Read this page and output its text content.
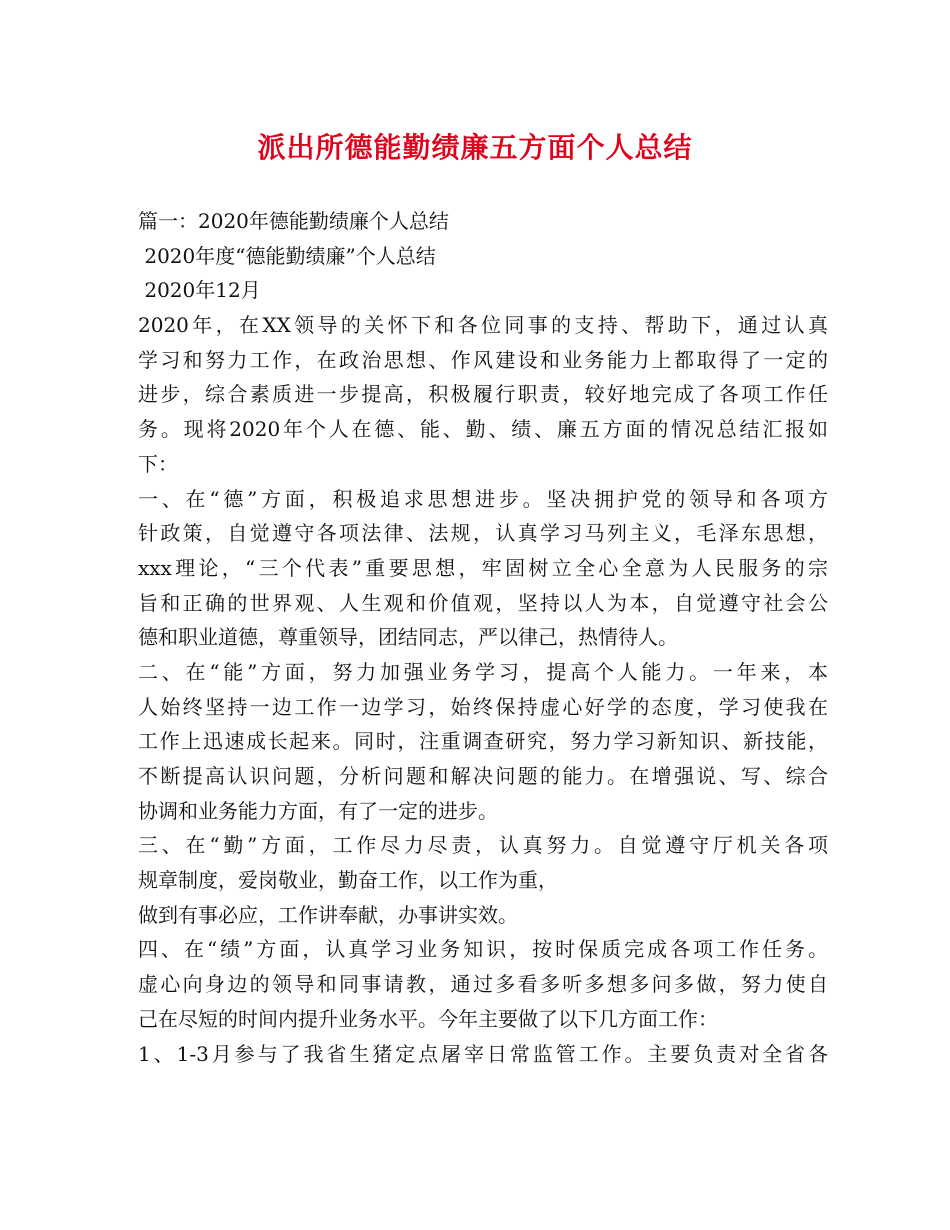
派出所德能勤绩廉五方面个人总结
篇一：2020年德能勤绩廉个人总结
2020年度“德能勤绩廉”个人总结
2020年12月
2020年，在XX领导的关怀下和各位同事的支持、帮助下，通过认真
学习和努力工作，在政治思想、作风建设和业务能力上都取得了一定的
进步，综合素质进一步提高，积极履行职责，较好地完成了各项工作任
务。现将2020年个人在德、能、勤、绩、廉五方面的情况总结汇报如
下：
一、在“德”方面，积极追求思想进步。坚决拥护党的领导和各项方
针政策，自觉遵守各项法律、法规，认真学习马列主义，毛泽东思想，
xxx理论，“三个代表”重要思想，牢固树立全心全意为人民服务的宗
旨和正确的世界观、人生观和价值观，坚持以人为本，自觉遵守社会公
德和职业道德，尊重领导，团结同志，严以律己，热情待人。
二、在“能”方面，努力加强业务学习，提高个人能力。一年来，本
人始终坚持一边工作一边学习，始终保持虚心好学的态度，学习使我在
工作上迅速成长起来。同时，注重调查研究，努力学习新知识、新技能，
不断提高认识问题，分析问题和解决问题的能力。在增强说、写、综合
协调和业务能力方面，有了一定的进步。
三、在“勤”方面，工作尽力尽责，认真努力。自觉遵守厅机关各项
规章制度，爱岗敬业，勤奋工作，以工作为重，
做到有事必应，工作讲奉献，办事讲实效。
四、在“绩”方面，认真学习业务知识，按时保质完成各项工作任务。
虚心向身边的领导和同事请教，通过多看多听多想多问多做，努力使自
己在尽短的时间内提升业务水平。今年主要做了以下几方面工作：
1、1-3月参与了我省生猪定点屠宰日常监管工作。主要负责对全省各
